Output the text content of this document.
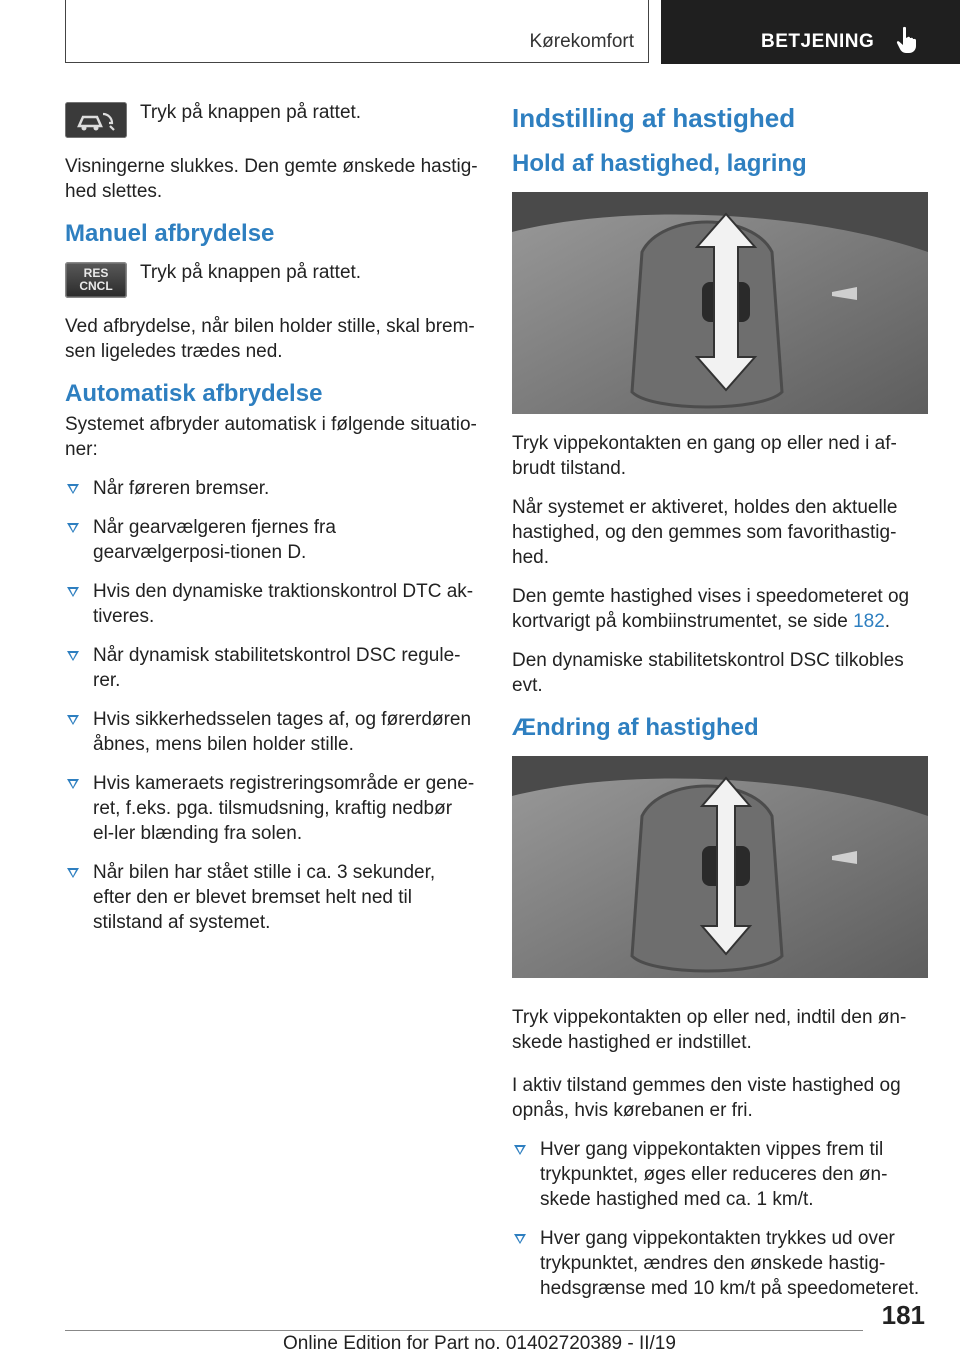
Kørekomfort	BETJENING

Tryk på knappen på rattet.

Visningerne slukkes. Den gemte ønskede hastig-hed slettes.

Manuel afbrydelse
RES
CNCL

Tryk på knappen på rattet.

Ved afbrydelse, når bilen holder stille, skal brem-sen ligeledes trædes ned.

Automatisk afbrydelse

Systemet afbryder automatisk i følgende situatio-ner:

Når føreren bremser.
Når gearvælgeren fjernes fra gearvælgerposi-tionen D.
Hvis den dynamiske traktionskontrol DTC ak-tiveres.
Når dynamisk stabilitetskontrol DSC regule-rer.
Hvis sikkerhedsselen tages af, og førerdøren åbnes, mens bilen holder stille.
Hvis kameraets registreringsområde er gene-ret, f.eks. pga. tilsmudsning, kraftig nedbør el-ler blænding fra solen.
Når bilen har stået stille i ca. 3 sekunder, efter den er blevet bremset helt ned til stilstand af systemet.
Indstilling af hastighed
Hold af hastighed, lagring

Tryk vippekontakten en gang op eller ned i af-brudt tilstand.

Når systemet er aktiveret, holdes den aktuelle hastighed, og den gemmes som favorithastig-hed.

Den gemte hastighed vises i speedometeret og kortvarigt på kombiinstrumentet, se side 182.

Den dynamiske stabilitetskontrol DSC tilkobles evt.

Ændring af hastighed

Tryk vippekontakten op eller ned, indtil den øn-skede hastighed er indstillet.

I aktiv tilstand gemmes den viste hastighed og opnås, hvis kørebanen er fri.

Hver gang vippekontakten vippes frem til trykpunktet, øges eller reduceres den øn-skede hastighed med ca. 1 km/t.
Hver gang vippekontakten trykkes ud over trykpunktet, ændres den ønskede hastig-hedsgrænse med 10 km/t på speedometeret.
181
Online Edition for Part no. 01402720389 - II/19
